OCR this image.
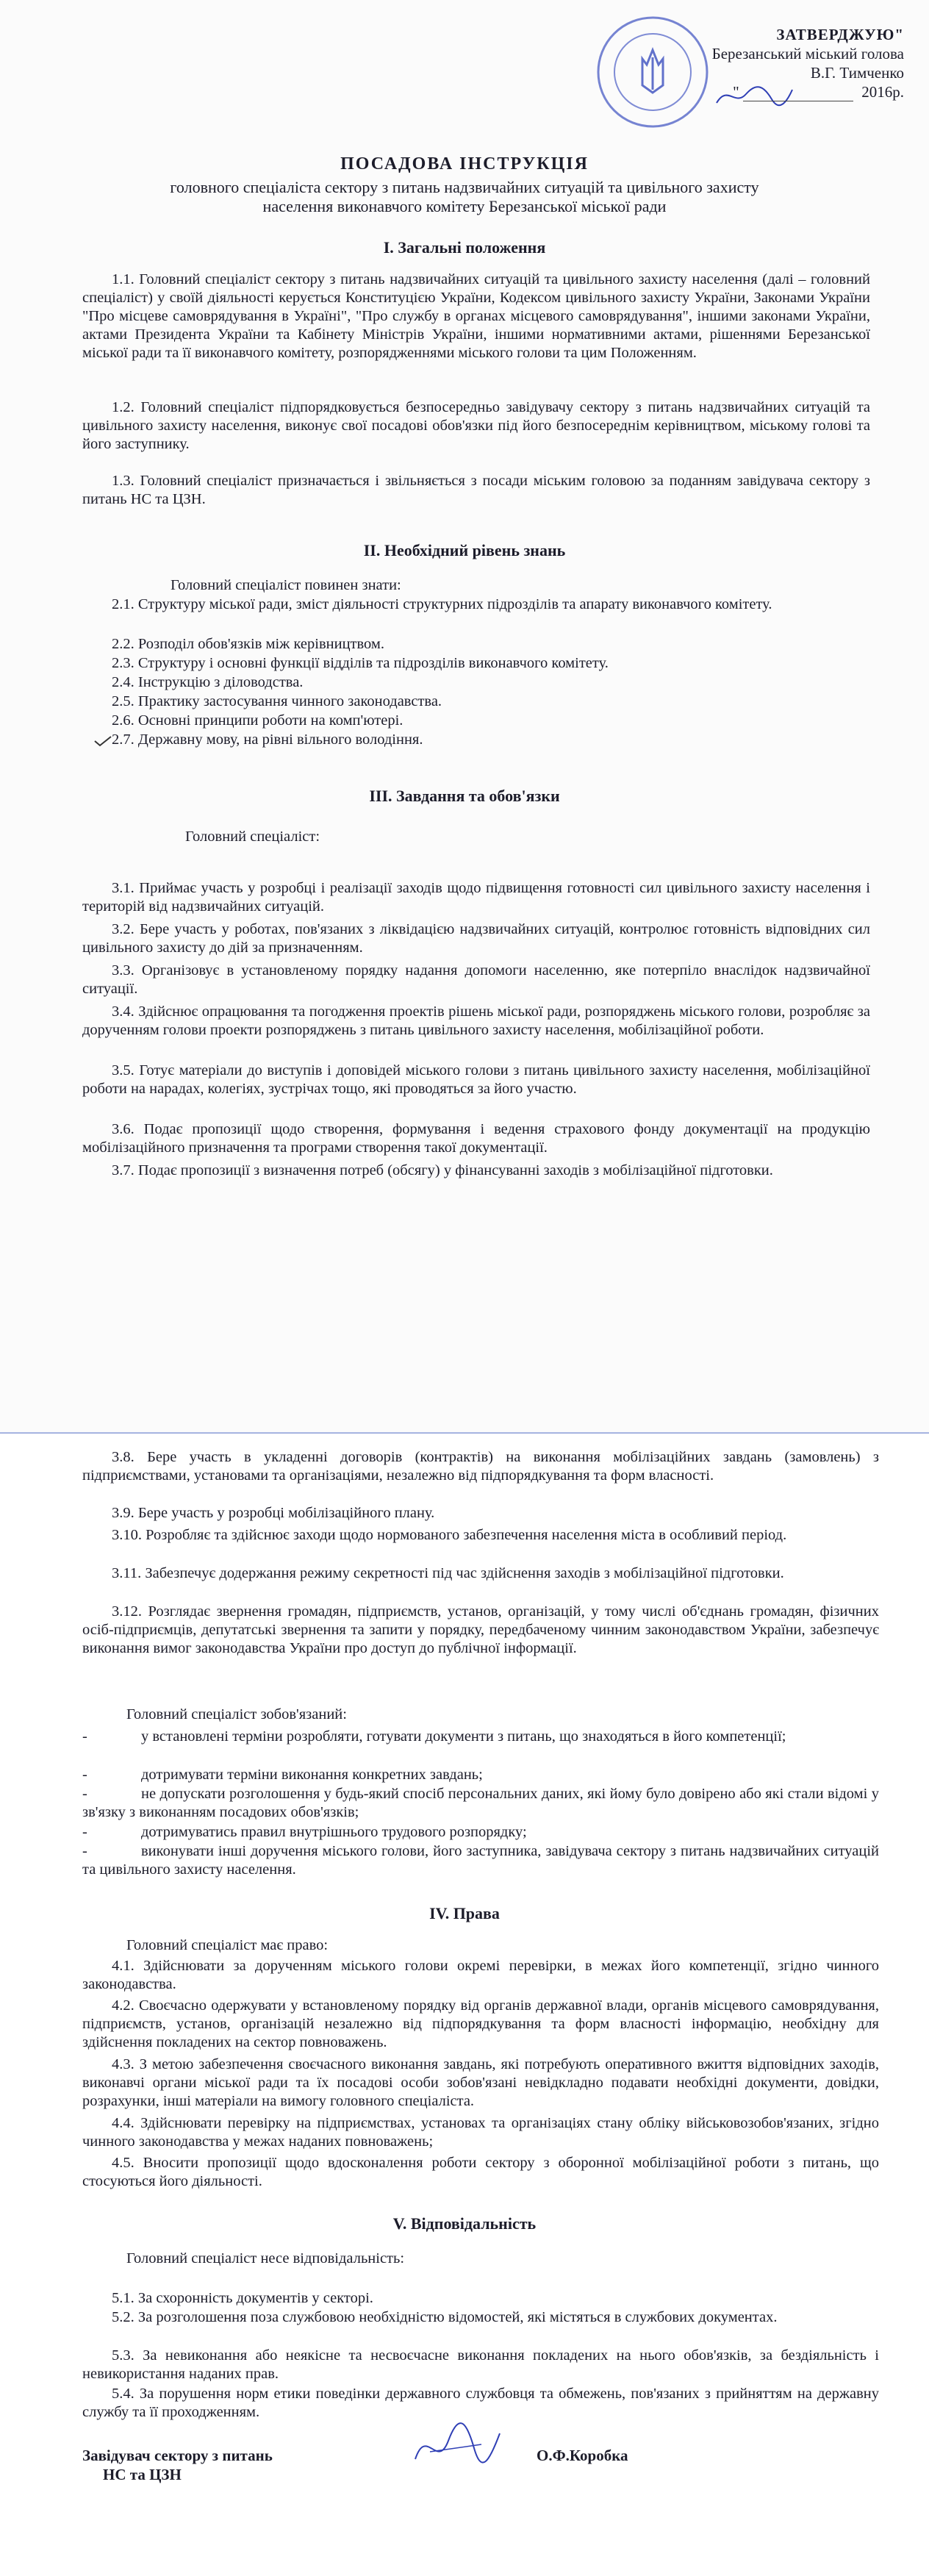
ЗАТВЕРДЖУЮ"
Березанський міський голова
В.Г. Тимченко
"	2016р.
ПОСАДОВА ІНСТРУКЦІЯ
головного спеціаліста сектору з питань надзвичайних ситуацій та цивільного захисту населення виконавчого комітету Березанської міської ради
І. Загальні положення
1.1. Головний спеціаліст сектору з питань надзвичайних ситуацій та цивільного захисту населення (далі – головний спеціаліст) у своїй діяльності керується Конституцією України, Кодексом цивільного захисту України, Законами України "Про місцеве самоврядування в Україні", "Про службу в органах місцевого самоврядування", іншими законами України, актами Президента України та Кабінету Міністрів України, іншими нормативними актами, рішеннями Березанської міської ради та її виконавчого комітету, розпорядженнями міського голови та цим Положенням.
1.2. Головний спеціаліст підпорядковується безпосередньо завідувачу сектору з питань надзвичайних ситуацій та цивільного захисту населення, виконує свої посадові обов'язки під його безпосереднім керівництвом, міському голові та його заступнику.
1.3. Головний спеціаліст призначається і звільняється з посади міським головою за поданням завідувача сектору з питань НС та ЦЗН.
ІІ. Необхідний рівень знань
Головний спеціаліст повинен знати:
2.1. Структуру міської ради, зміст діяльності структурних підрозділів та апарату виконавчого комітету.
2.2. Розподіл обов'язків між керівництвом.
2.3. Структуру і основні функції відділів та підрозділів виконавчого комітету.
2.4. Інструкцію з діловодства.
2.5. Практику застосування чинного законодавства.
2.6. Основні принципи роботи на комп'ютері.
2.7. Державну мову, на рівні вільного володіння.
ІІІ. Завдання та обов'язки
Головний спеціаліст:
3.1. Приймає участь у розробці і реалізації заходів щодо підвищення готовності сил цивільного захисту населення і територій від надзвичайних ситуацій.
3.2. Бере участь у роботах, пов'язаних з ліквідацією надзвичайних ситуацій, контролює готовність відповідних сил цивільного захисту до дій за призначенням.
3.3. Організовує в установленому порядку надання допомоги населенню, яке потерпіло внаслідок надзвичайної ситуації.
3.4. Здійснює опрацювання та погодження проектів рішень міської ради, розпоряджень міського голови, розробляє за дорученням голови проекти розпоряджень з питань цивільного захисту населення, мобілізаційної роботи.
3.5. Готує матеріали до виступів і доповідей міського голови з питань цивільного захисту населення, мобілізаційної роботи на нарадах, колегіях, зустрічах тощо, які проводяться за його участю.
3.6. Подає пропозиції щодо створення, формування і ведення страхового фонду документації на продукцію мобілізаційного призначення та програми створення такої документації.
3.7. Подає пропозиції з визначення потреб (обсягу) у фінансуванні заходів з мобілізаційної підготовки.
3.8. Бере участь в укладенні договорів (контрактів) на виконання мобілізаційних завдань (замовлень) з підприємствами, установами та організаціями, незалежно від підпорядкування та форм власності.
3.9. Бере участь у розробці мобілізаційного плану.
3.10. Розробляє та здійснює заходи щодо нормованого забезпечення населення міста в особливий період.
3.11. Забезпечує додержання режиму секретності під час здійснення заходів з мобілізаційної підготовки.
3.12. Розглядає звернення громадян, підприємств, установ, організацій, у тому числі об'єднань громадян, фізичних осіб-підприємців, депутатські звернення та запити у порядку, передбаченому чинним законодавством України, забезпечує виконання вимог законодавства України про доступ до публічної інформації.
Головний спеціаліст зобов'язаний:
-	у встановлені терміни розробляти, готувати документи з питань, що знаходяться в його компетенції;
-	дотримувати терміни виконання конкретних завдань;
-	не допускати розголошення у будь-який спосіб персональних даних, які йому було довірено або які стали відомі у зв'язку з виконанням посадових обов'язків;
-	дотримуватись правил внутрішнього трудового розпорядку;
-	виконувати інші доручення міського голови, його заступника, завідувача сектору з питань надзвичайних ситуацій та цивільного захисту населення.
IV. Права
Головний спеціаліст має право:
4.1. Здійснювати за дорученням міського голови окремі перевірки, в межах його компетенції, згідно чинного законодавства.
4.2. Своєчасно одержувати у встановленому порядку від органів державної влади, органів місцевого самоврядування, підприємств, установ, організацій незалежно від підпорядкування та форм власності інформацію, необхідну для здійснення покладених на сектор повноважень.
4.3. З метою забезпечення своєчасного виконання завдань, які потребують оперативного вжиття відповідних заходів, виконавчі органи міської ради та їх посадові особи зобов'язані невідкладно подавати необхідні документи, довідки, розрахунки, інші матеріали на вимогу головного спеціаліста.
4.4. Здійснювати перевірку на підприємствах, установах та організаціях стану обліку військовозобов'язаних, згідно чинного законодавства у межах наданих повноважень;
4.5. Вносити пропозиції щодо вдосконалення роботи сектору з оборонної мобілізаційної роботи з питань, що стосуються його діяльності.
V. Відповідальність
Головний спеціаліст несе відповідальність:
5.1. За схоронність документів у секторі.
5.2. За розголошення поза службовою необхідністю відомостей, які містяться в службових документах.
5.3. За невиконання або неякісне та несвоєчасне виконання покладених на нього обов'язків, за бездіяльність і невикористання наданих прав.
5.4. За порушення норм етики поведінки державного службовця та обмежень, пов'язаних з прийняттям на державну службу та її проходженням.
Завідувач сектору з питань
НС та ЦЗН
О.Ф.Коробка
